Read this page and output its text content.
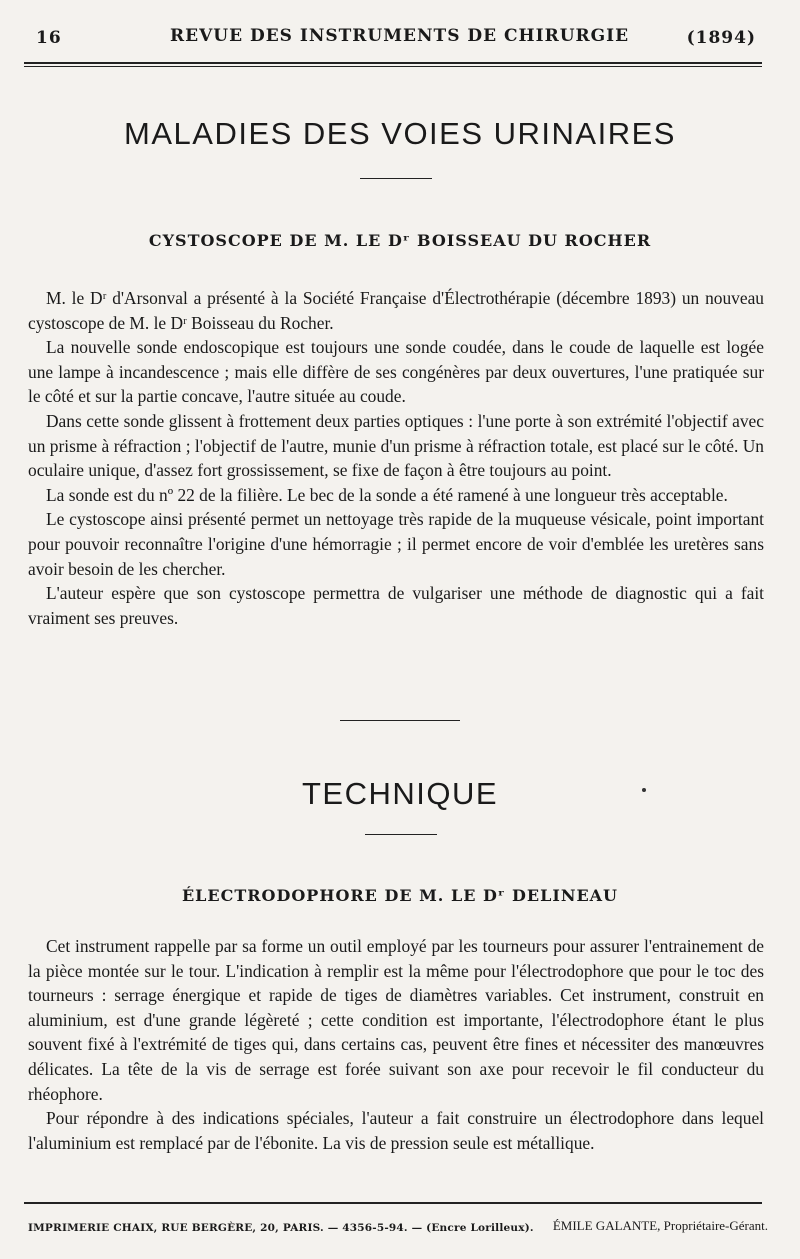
16	REVUE DES INSTRUMENTS DE CHIRURGIE	(1894)
MALADIES DES VOIES URINAIRES
CYSTOSCOPE DE M. LE Dʳ BOISSEAU DU ROCHER

M. le Dʳ d'Arsonval a présenté à la Société Française d'Électrothérapie (décembre 1893) un nouveau cystoscope de M. le Dʳ Boisseau du Rocher.

La nouvelle sonde endoscopique est toujours une sonde coudée, dans le coude de laquelle est logée une lampe à incandescence ; mais elle diffère de ses congénères par deux ouvertures, l'une pratiquée sur le côté et sur la partie concave, l'autre située au coude.

Dans cette sonde glissent à frottement deux parties optiques : l'une porte à son extrémité l'objectif avec un prisme à réfraction ; l'objectif de l'autre, munie d'un prisme à réfraction totale, est placé sur le côté. Un oculaire unique, d'assez fort grossissement, se fixe de façon à être toujours au point.

La sonde est du nº 22 de la filière. Le bec de la sonde a été ramené à une longueur très acceptable.

Le cystoscope ainsi présenté permet un nettoyage très rapide de la muqueuse vésicale, point important pour pouvoir reconnaître l'origine d'une hémorragie ; il permet encore de voir d'emblée les uretères sans avoir besoin de les chercher.

L'auteur espère que son cystoscope permettra de vulgariser une méthode de diagnostic qui a fait vraiment ses preuves.

TECHNIQUE
ÉLECTRODOPHORE DE M. LE Dʳ DELINEAU

Cet instrument rappelle par sa forme un outil employé par les tourneurs pour assurer l'entrainement de la pièce montée sur le tour. L'indication à remplir est la même pour l'électrodophore que pour le toc des tourneurs : serrage énergique et rapide de tiges de diamètres variables. Cet instrument, construit en aluminium, est d'une grande légèreté ; cette condition est importante, l'électrodophore étant le plus souvent fixé à l'extrémité de tiges qui, dans certains cas, peuvent être fines et nécessiter des manœuvres délicates. La tête de la vis de serrage est forée suivant son axe pour recevoir le fil conducteur du rhéophore.

Pour répondre à des indications spéciales, l'auteur a fait construire un électrodophore dans lequel l'aluminium est remplacé par de l'ébonite. La vis de pression seule est métallique.

IMPRIMERIE CHAIX, RUE BERGÈRE, 20, PARIS. — 4356-5-94. — (Encre Lorilleux). ÉMILE GALANTE, Propriétaire-Gérant.
